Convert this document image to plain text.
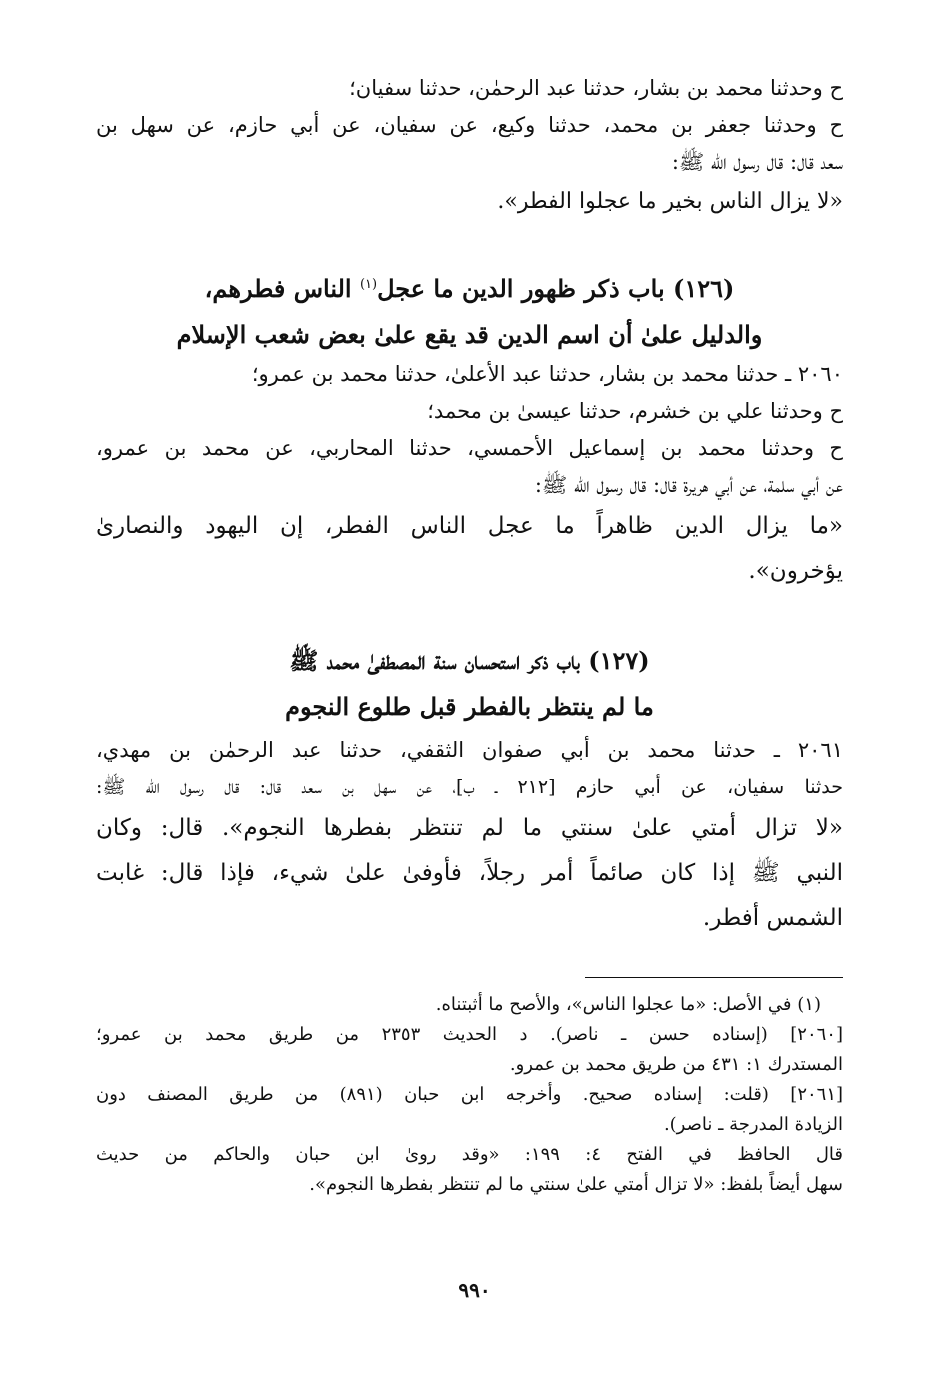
ح وحدثنا محمد بن بشار، حدثنا عبد الرحمٰن، حدثنا سفيان؛
ح وحدثنا جعفر بن محمد، حدثنا وكيع، عن سفيان، عن أبي حازم، عن سهل بن
سعد قال: قال رسول الله ﷺ:
«لا يزال الناس بخير ما عجلوا الفطر».
(١٢٦) باب ذكر ظهور الدين ما عجل$^{(١)}$ الناس فطرهم،
والدليل علىٰ أن اسم الدين قد يقع علىٰ بعض شعب الإسلام
٢٠٦٠ ـ حدثنا محمد بن بشار، حدثنا عبد الأعلىٰ، حدثنا محمد بن عمرو؛
ح وحدثنا علي بن خشرم، حدثنا عيسىٰ بن محمد؛
ح وحدثنا محمد بن إسماعيل الأحمسي، حدثنا المحاربي، عن محمد بن عمرو،
عن أبي سلمة، عن أبي هريرة قال: قال رسول الله ﷺ:
«ما يزال الدين ظاهراً ما عجل الناس الفطر، إن اليهود والنصارىٰ
يؤخرون».
(١٢٧) باب ذكر استحسان سنة المصطفىٰ محمد ﷺ
ما لم ينتظر بالفطر قبل طلوع النجوم
٢٠٦١ ـ حدثنا محمد بن أبي صفوان الثقفي، حدثنا عبد الرحمٰن بن مهدي،
حدثنا سفيان، عن أبي حازم [٢١٢ ـ ب]، عن سهل بن سعد قال: قال رسول الله ﷺ:
«لا تزال أمتي علىٰ سنتي ما لم تنتظر بفطرها النجوم». قال: وكان
النبي ﷺ إذا كان صائماً أمر رجلاً، فأوفىٰ علىٰ شيء، فإذا قال: غابت
الشمس أفطر.
(١) في الأصل: «ما عجلوا الناس»، والأصح ما أثبتناه.
[٢٠٦٠] (إسناده حسن ـ ناصر). د الحديث ٢٣٥٣ من طريق محمد بن عمرو؛
المستدرك ١: ٤٣١ من طريق محمد بن عمرو.
[٢٠٦١] (قلت: إسناده صحيح. وأخرجه ابن حبان (٨٩١) من طريق المصنف دون
الزيادة المدرجة ـ ناصر).
قال الحافظ في الفتح ٤: ١٩٩: «وقد روىٰ ابن حبان والحاكم من حديث
سهل أيضاً بلفظ: «لا تزال أمتي علىٰ سنتي ما لم تنتظر بفطرها النجوم».
٩٩٠
